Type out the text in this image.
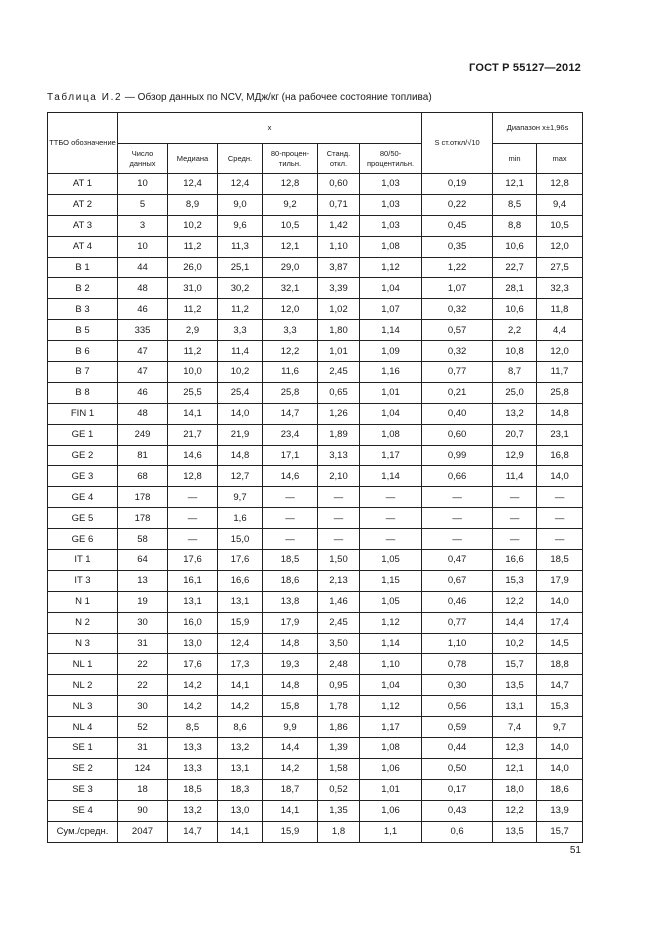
ГОСТ Р 55127—2012
Таблица И.2 — Обзор данных по NCV, МДж/кг (на рабочее состояние топлива)
ТТБО обозначение	x						S ст.откл/√10	Диапазон x±1,96s	
	Число данных	Медиана	Средн.	80-процен- тильн.	Станд. откл.	80/50- процентильн.		min	max
AT 1	10	12,4	12,4	12,8	0,60	1,03	0,19	12,1	12,8
AT 2	5	8,9	9,0	9,2	0,71	1,03	0,22	8,5	9,4
AT 3	3	10,2	9,6	10,5	1,42	1,03	0,45	8,8	10,5
AT 4	10	11,2	11,3	12,1	1,10	1,08	0,35	10,6	12,0
B 1	44	26,0	25,1	29,0	3,87	1,12	1,22	22,7	27,5
B 2	48	31,0	30,2	32,1	3,39	1,04	1,07	28,1	32,3
B 3	46	11,2	11,2	12,0	1,02	1,07	0,32	10,6	11,8
B 5	335	2,9	3,3	3,3	1,80	1,14	0,57	2,2	4,4
B 6	47	11,2	11,4	12,2	1,01	1,09	0,32	10,8	12,0
B 7	47	10,0	10,2	11,6	2,45	1,16	0,77	8,7	11,7
B 8	46	25,5	25,4	25,8	0,65	1,01	0,21	25,0	25,8
FIN 1	48	14,1	14,0	14,7	1,26	1,04	0,40	13,2	14,8
GE 1	249	21,7	21,9	23,4	1,89	1,08	0,60	20,7	23,1
GE 2	81	14,6	14,8	17,1	3,13	1,17	0,99	12,9	16,8
GE 3	68	12,8	12,7	14,6	2,10	1,14	0,66	11,4	14,0
GE 4	178	—	9,7	—	—	—	—	—	—
GE 5	178	—	1,6	—	—	—	—	—	—
GE 6	58	—	15,0	—	—	—	—	—	—
IT 1	64	17,6	17,6	18,5	1,50	1,05	0,47	16,6	18,5
IT 3	13	16,1	16,6	18,6	2,13	1,15	0,67	15,3	17,9
N 1	19	13,1	13,1	13,8	1,46	1,05	0,46	12,2	14,0
N 2	30	16,0	15,9	17,9	2,45	1,12	0,77	14,4	17,4
N 3	31	13,0	12,4	14,8	3,50	1,14	1,10	10,2	14,5
NL 1	22	17,6	17,3	19,3	2,48	1,10	0,78	15,7	18,8
NL 2	22	14,2	14,1	14,8	0,95	1,04	0,30	13,5	14,7
NL 3	30	14,2	14,2	15,8	1,78	1,12	0,56	13,1	15,3
NL 4	52	8,5	8,6	9,9	1,86	1,17	0,59	7,4	9,7
SE 1	31	13,3	13,2	14,4	1,39	1,08	0,44	12,3	14,0
SE 2	124	13,3	13,1	14,2	1,58	1,06	0,50	12,1	14,0
SE 3	18	18,5	18,3	18,7	0,52	1,01	0,17	18,0	18,6
SE 4	90	13,2	13,0	14,1	1,35	1,06	0,43	12,2	13,9
Сум./средн.	2047	14,7	14,1	15,9	1,8	1,1	0,6	13,5	15,7
51
